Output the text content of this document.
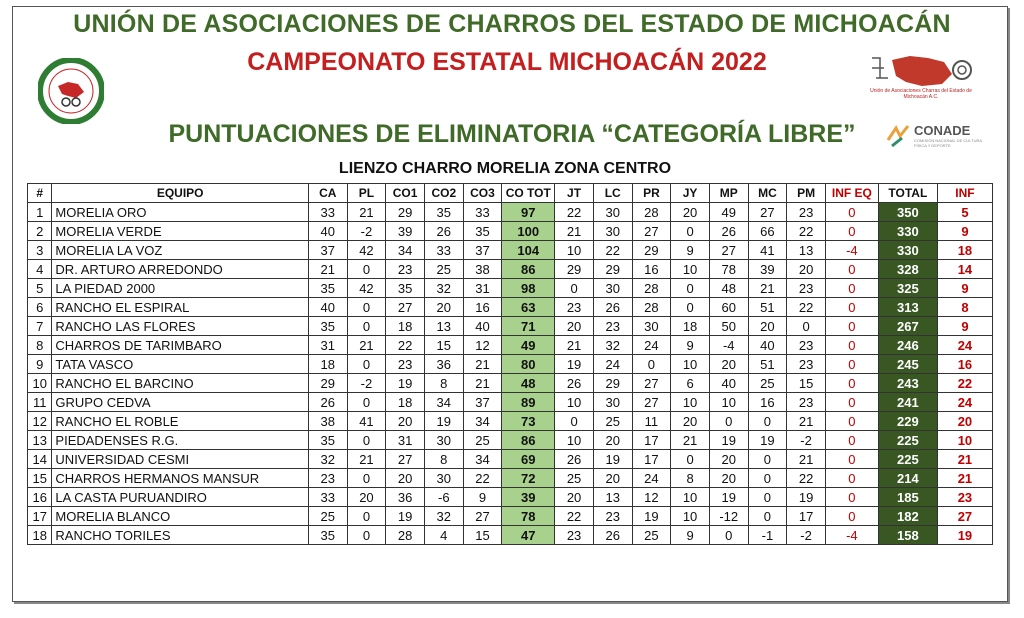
CONADE
COMISIÓN NACIONAL DE CULTURA FÍSICA Y DEPORTE
Unión de Asociaciones Charras del Estado de Michoacán A.C.
UNIÓN DE ASOCIACIONES DE CHARROS DEL ESTADO DE MICHOACÁN
CAMPEONATO ESTATAL MICHOACÁN 2022
PUNTUACIONES DE ELIMINATORIA “CATEGORÍA LIBRE”
LIENZO CHARRO MORELIA ZONA CENTRO
#	EQUIPO	CA	PL	CO1	CO2	CO3	CO TOT	JT	LC	PR	JY	MP	MC	PM	INF EQ	TOTAL	INF
1	MORELIA ORO	33	21	29	35	33	97	22	30	28	20	49	27	23	0	350	5
2	MORELIA VERDE	40	-2	39	26	35	100	21	30	27	0	26	66	22	0	330	9
3	MORELIA LA VOZ	37	42	34	33	37	104	10	22	29	9	27	41	13	-4	330	18
4	DR. ARTURO ARREDONDO	21	0	23	25	38	86	29	29	16	10	78	39	20	0	328	14
5	LA PIEDAD 2000	35	42	35	32	31	98	0	30	28	0	48	21	23	0	325	9
6	RANCHO EL ESPIRAL	40	0	27	20	16	63	23	26	28	0	60	51	22	0	313	8
7	RANCHO LAS FLORES	35	0	18	13	40	71	20	23	30	18	50	20	0	0	267	9
8	CHARROS DE TARIMBARO	31	21	22	15	12	49	21	32	24	9	-4	40	23	0	246	24
9	TATA VASCO	18	0	23	36	21	80	19	24	0	10	20	51	23	0	245	16
10	RANCHO EL BARCINO	29	-2	19	8	21	48	26	29	27	6	40	25	15	0	243	22
11	GRUPO CEDVA	26	0	18	34	37	89	10	30	27	10	10	16	23	0	241	24
12	RANCHO EL ROBLE	38	41	20	19	34	73	0	25	11	20	0	0	21	0	229	20
13	PIEDADENSES R.G.	35	0	31	30	25	86	10	20	17	21	19	19	-2	0	225	10
14	UNIVERSIDAD CESMI	32	21	27	8	34	69	26	19	17	0	20	0	21	0	225	21
15	CHARROS HERMANOS MANSUR	23	0	20	30	22	72	25	20	24	8	20	0	22	0	214	21
16	LA CASTA PURUANDIRO	33	20	36	-6	9	39	20	13	12	10	19	0	19	0	185	23
17	MORELIA BLANCO	25	0	19	32	27	78	22	23	19	10	-12	0	17	0	182	27
18	RANCHO TORILES	35	0	28	4	15	47	23	26	25	9	0	-1	-2	-4	158	19
